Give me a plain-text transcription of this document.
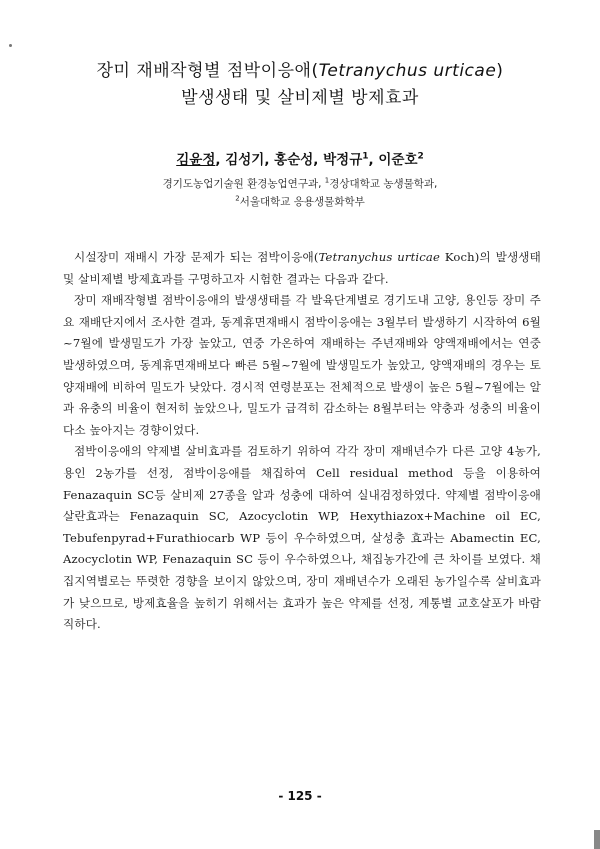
장미 재배작형별 점박이응애(Tetranychus urticae)
발생생태 및 살비제별 방제효과
김윤정, 김성기, 홍순성, 박정규$^1$, 이준호$^2$
경기도농업기술원 환경농업연구과, $^1$경상대학교 농생물학과,
$^2$서울대학교 응용생물화학부

시설장미 재배시 가장 문제가 되는 점박이응애(Tetranychus urticae Koch)의 발생생태 및 살비제별 방제효과를 구명하고자 시험한 결과는 다음과 같다.

장미 재배작형별 점박이응애의 발생생태를 각 발육단계별로 경기도내 고양, 용인등 장미 주요 재배단지에서 조사한 결과, 동계휴면재배시 점박이응애는 3월부터 발생하기 시작하여 6월~7월에 발생밀도가 가장 높았고, 연중 가온하여 재배하는 주년재배와 양액재배에서는 연중 발생하였으며, 동계휴면재배보다 빠른 5월~7월에 발생밀도가 높았고, 양액재배의 경우는 토양재배에 비하여 밀도가 낮았다. 경시적 연령분포는 전체적으로 발생이 높은 5월~7월에는 알과 유충의 비율이 현저히 높았으나, 밀도가 급격히 감소하는 8월부터는 약충과 성충의 비율이 다소 높아지는 경향이었다.

점박이응애의 약제별 살비효과를 검토하기 위하여 각각 장미 재배년수가 다른 고양 4농가, 용인 2농가를 선정, 점박이응애를 채집하여 Cell residual method 등을 이용하여 Fenazaquin SC등 살비제 27종을 알과 성충에 대하여 실내검정하였다. 약제별 점박이응애 살란효과는 Fenazaquin SC, Azocyclotin WP, Hexythiazox+Machine oil EC, Tebufenpyrad+Furathiocarb WP 등이 우수하였으며, 살성충 효과는 Abamectin EC, Azocyclotin WP, Fenazaquin SC 등이 우수하였으나, 채집농가간에 큰 차이를 보였다. 채집지역별로는 뚜렷한 경향을 보이지 않았으며, 장미 재배년수가 오래된 농가일수록 살비효과가 낮으므로, 방제효율을 높히기 위해서는 효과가 높은 약제를 선정, 계통별 교호살포가 바람직하다.

- 125 -
